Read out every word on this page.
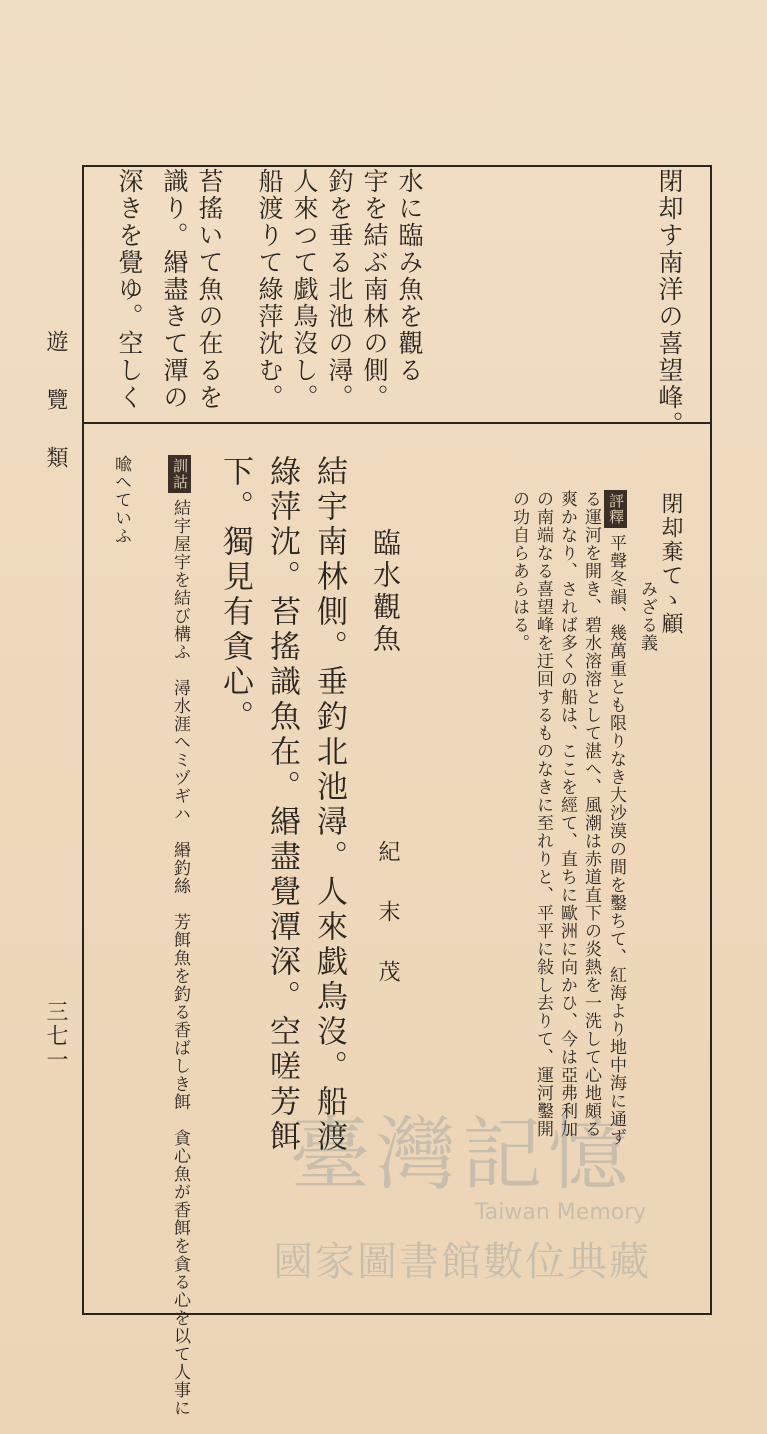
遊覽類
三七一
閉却す南洋の喜望峰。
水に臨み魚を觀る
宇を結ぶ南林の側。
釣を垂る北池の潯。
人來つて戯鳥沒し。
船渡りて綠萍沈む。
苔搖いて魚の在るを
識り。緡盡きて潭の
深きを覺ゆ。空しく
閉却棄てゝ顧
みざる義
評釋平聲冬韻、幾萬重とも限りなき大沙漠の間を鑿ちて、紅海より地中海に通ず
る運河を開き、碧水溶溶として湛へ、風潮は赤道直下の炎熱を一洗して心地頗る
爽かなり、されば多くの船は、ここを經て、直ちに歐洲に向かひ、今は亞弗利加
の南端なる喜望峰を迂回するものなきに至れりと、平平に敍し去りて、運河鑿開
の功自らあらはる。
臨水觀魚
紀　末　茂
結宇南林側。垂釣北池潯。人來戯鳥沒。船渡
綠萍沈。苔搖識魚在。緡盡覺潭深。空嗟芳餌
下。獨見有貪心。
訓詁結宇屋宇を結び構ふ　潯水涯へミヅギハ　緡釣絲　芳餌魚を釣る香ばしき餌　貪心魚が香餌を貪る心を以て人事に
喩へていふ
臺灣記憶
Taiwan Memory
國家圖書館數位典藏
